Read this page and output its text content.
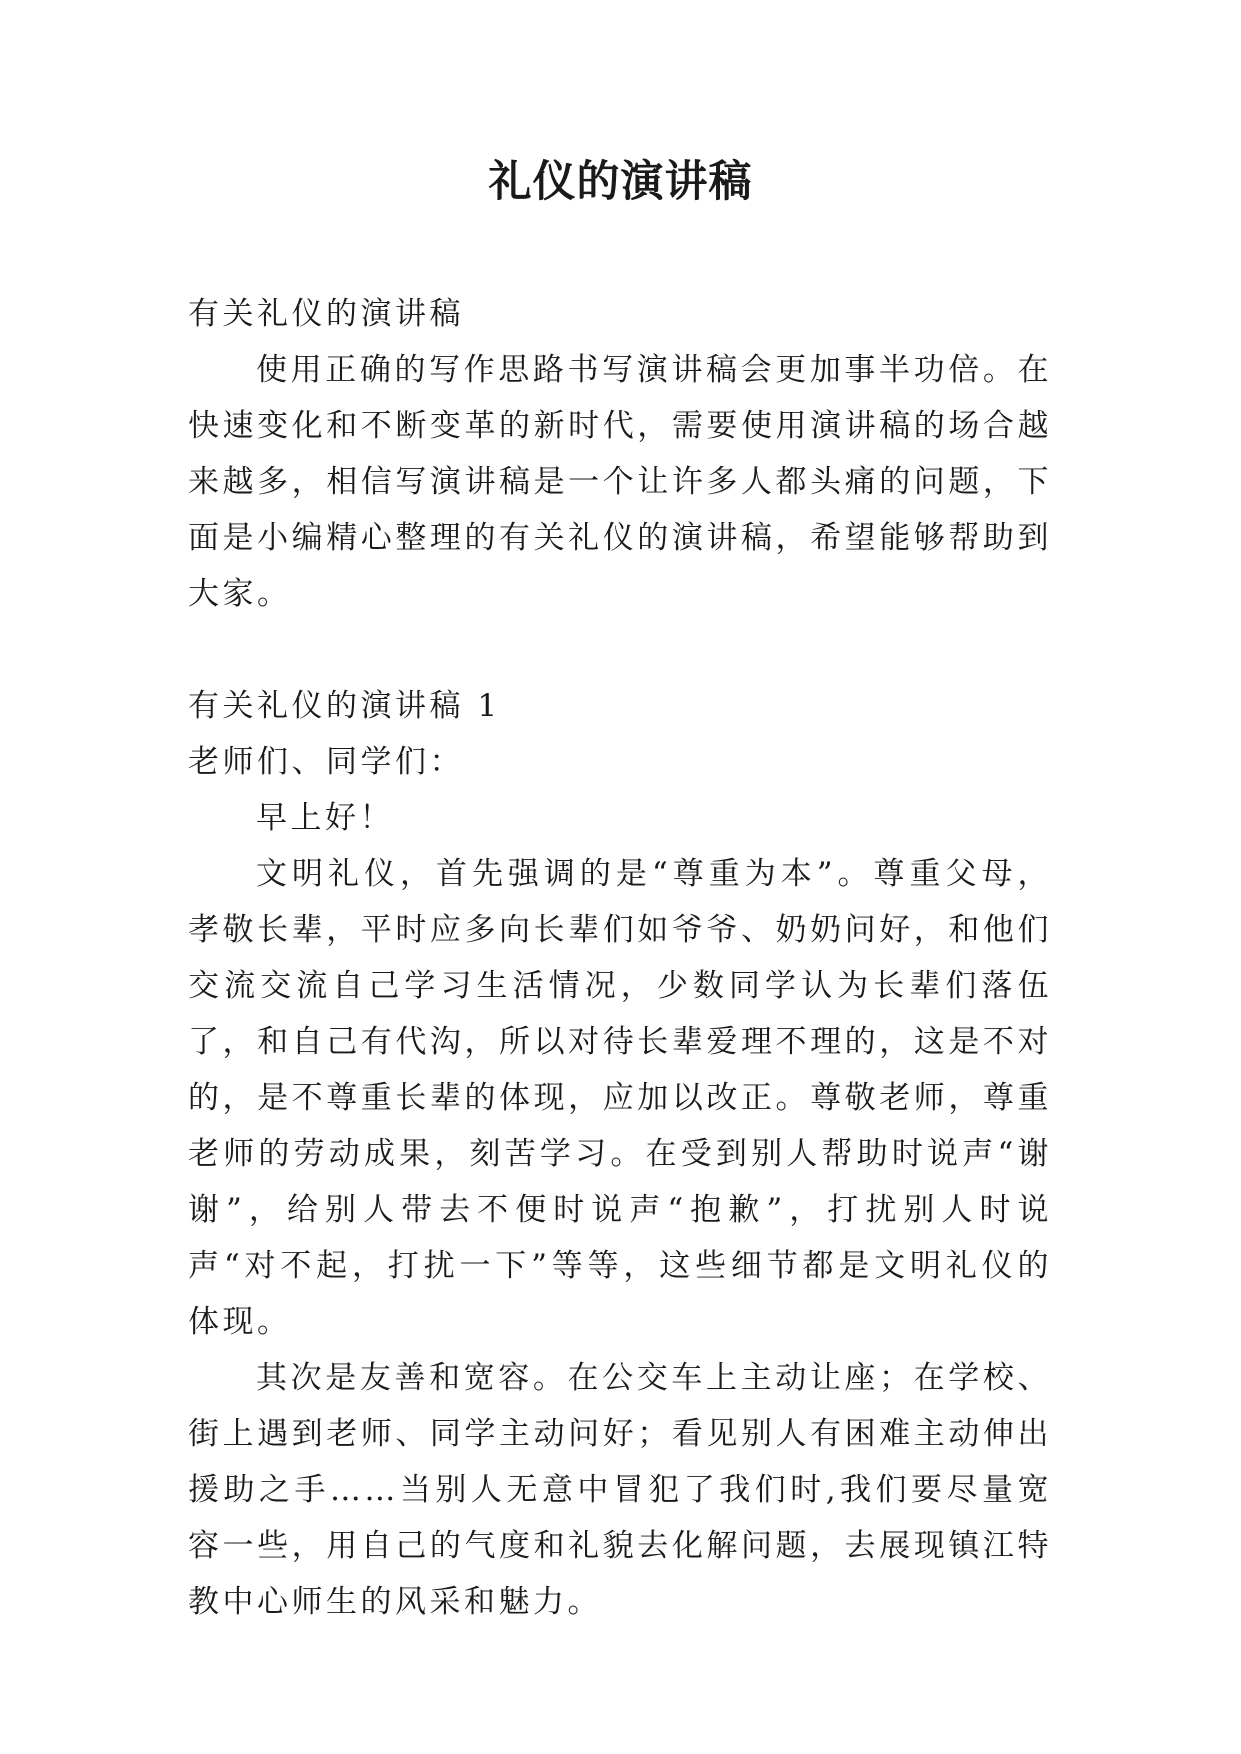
礼仪的演讲稿

有关礼仪的演讲稿

使用正确的写作思路书写演讲稿会更加事半功倍。在快速变化和不断变革的新时代，需要使用演讲稿的场合越来越多，相信写演讲稿是一个让许多人都头痛的问题，下面是小编精心整理的有关礼仪的演讲稿，希望能够帮助到大家。

有关礼仪的演讲稿 1

老师们、同学们：

早上好！

文明礼仪，首先强调的是“尊重为本”。尊重父母，孝敬长辈，平时应多向长辈们如爷爷、奶奶问好，和他们交流交流自己学习生活情况，少数同学认为长辈们落伍了，和自己有代沟，所以对待长辈爱理不理的，这是不对的，是不尊重长辈的体现，应加以改正。尊敬老师，尊重老师的劳动成果，刻苦学习。在受到别人帮助时说声“谢谢”，给别人带去不便时说声“抱歉”，打扰别人时说声“对不起，打扰一下”等等，这些细节都是文明礼仪的体现。

其次是友善和宽容。在公交车上主动让座；在学校、街上遇到老师、同学主动问好；看见别人有困难主动伸出援助之手……当别人无意中冒犯了我们时,我们要尽量宽容一些，用自己的气度和礼貌去化解问题，去展现镇江特教中心师生的风采和魅力。
